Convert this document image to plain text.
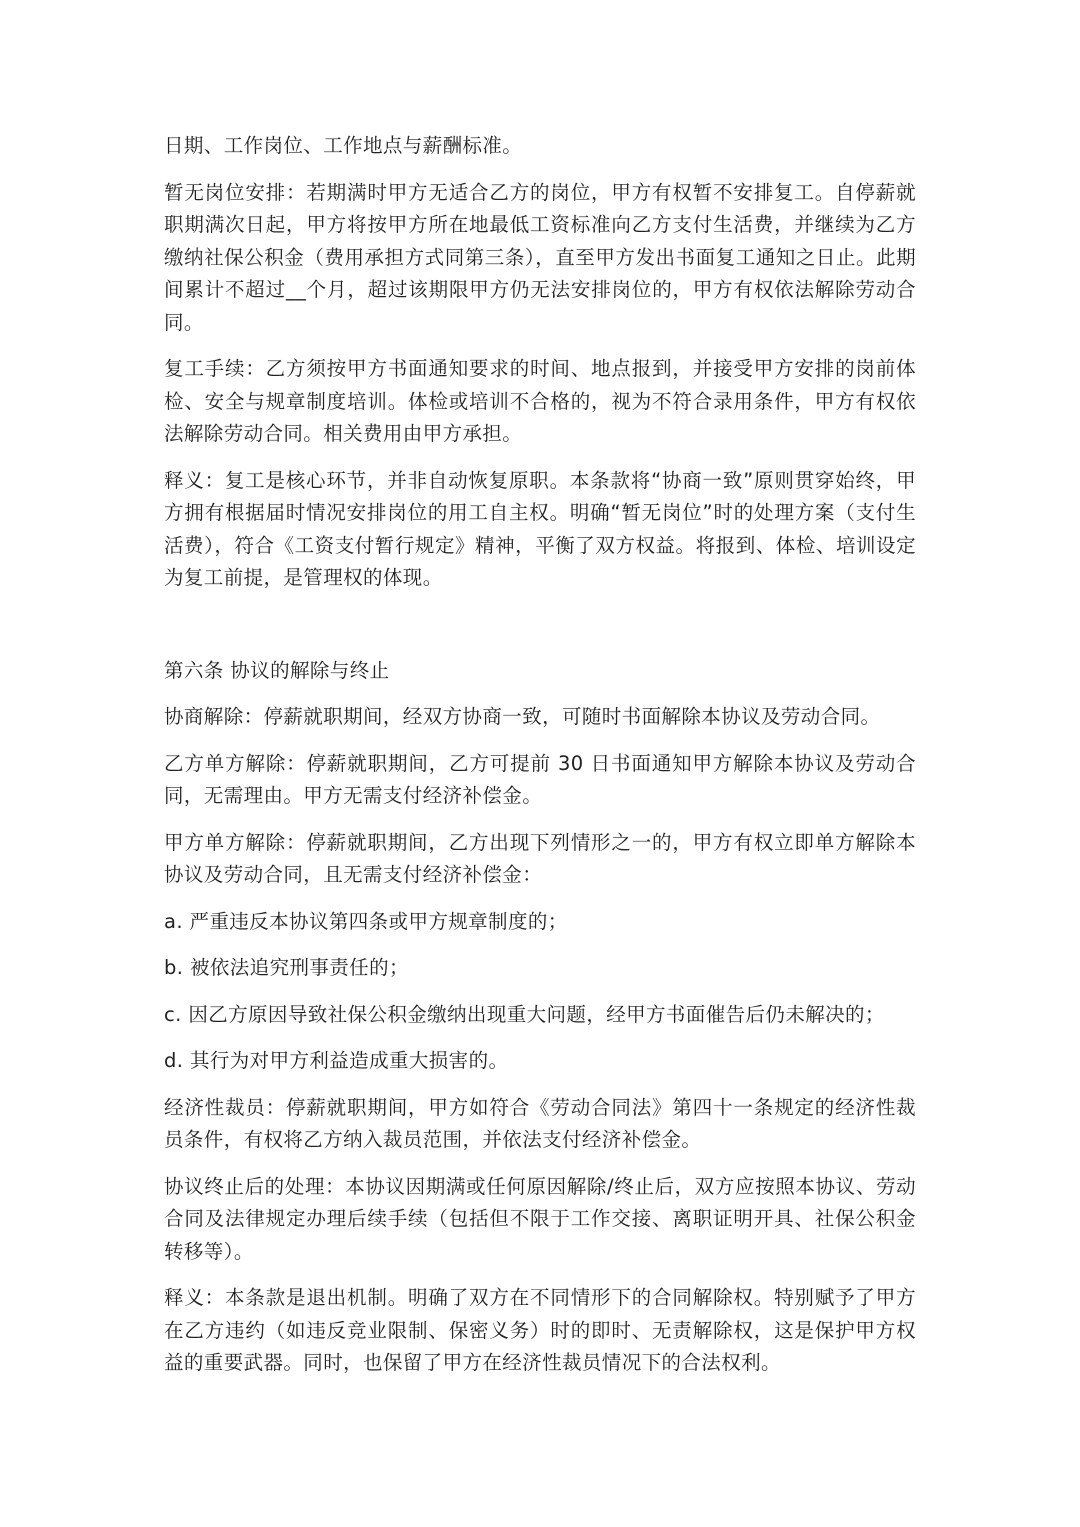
日期、工作岗位、工作地点与薪酬标准。

暂无岗位安排：若期满时甲方无适合乙方的岗位，甲方有权暂不安排复工。自停薪就职期满次日起，甲方将按甲方所在地最低工资标准向乙方支付生活费，并继续为乙方缴纳社保公积金（费用承担方式同第三条），直至甲方发出书面复工通知之日止。此期间累计不超过__个月，超过该期限甲方仍无法安排岗位的，甲方有权依法解除劳动合同。

复工手续：乙方须按甲方书面通知要求的时间、地点报到，并接受甲方安排的岗前体检、安全与规章制度培训。体检或培训不合格的，视为不符合录用条件，甲方有权依法解除劳动合同。相关费用由甲方承担。

释义：复工是核心环节，并非自动恢复原职。本条款将“协商一致”原则贯穿始终，甲方拥有根据届时情况安排岗位的用工自主权。明确“暂无岗位”时的处理方案（支付生活费），符合《工资支付暂行规定》精神，平衡了双方权益。将报到、体检、培训设定为复工前提，是管理权的体现。

第六条 协议的解除与终止

协商解除：停薪就职期间，经双方协商一致，可随时书面解除本协议及劳动合同。

乙方单方解除：停薪就职期间，乙方可提前 30 日书面通知甲方解除本协议及劳动合同，无需理由。甲方无需支付经济补偿金。

甲方单方解除：停薪就职期间，乙方出现下列情形之一的，甲方有权立即单方解除本协议及劳动合同，且无需支付经济补偿金：

a. 严重违反本协议第四条或甲方规章制度的；

b. 被依法追究刑事责任的；

c. 因乙方原因导致社保公积金缴纳出现重大问题，经甲方书面催告后仍未解决的；

d. 其行为对甲方利益造成重大损害的。

经济性裁员：停薪就职期间，甲方如符合《劳动合同法》第四十一条规定的经济性裁员条件，有权将乙方纳入裁员范围，并依法支付经济补偿金。

协议终止后的处理：本协议因期满或任何原因解除/终止后，双方应按照本协议、劳动合同及法律规定办理后续手续（包括但不限于工作交接、离职证明开具、社保公积金转移等）。

释义：本条款是退出机制。明确了双方在不同情形下的合同解除权。特别赋予了甲方在乙方违约（如违反竞业限制、保密义务）时的即时、无责解除权，这是保护甲方权益的重要武器。同时，也保留了甲方在经济性裁员情况下的合法权利。
